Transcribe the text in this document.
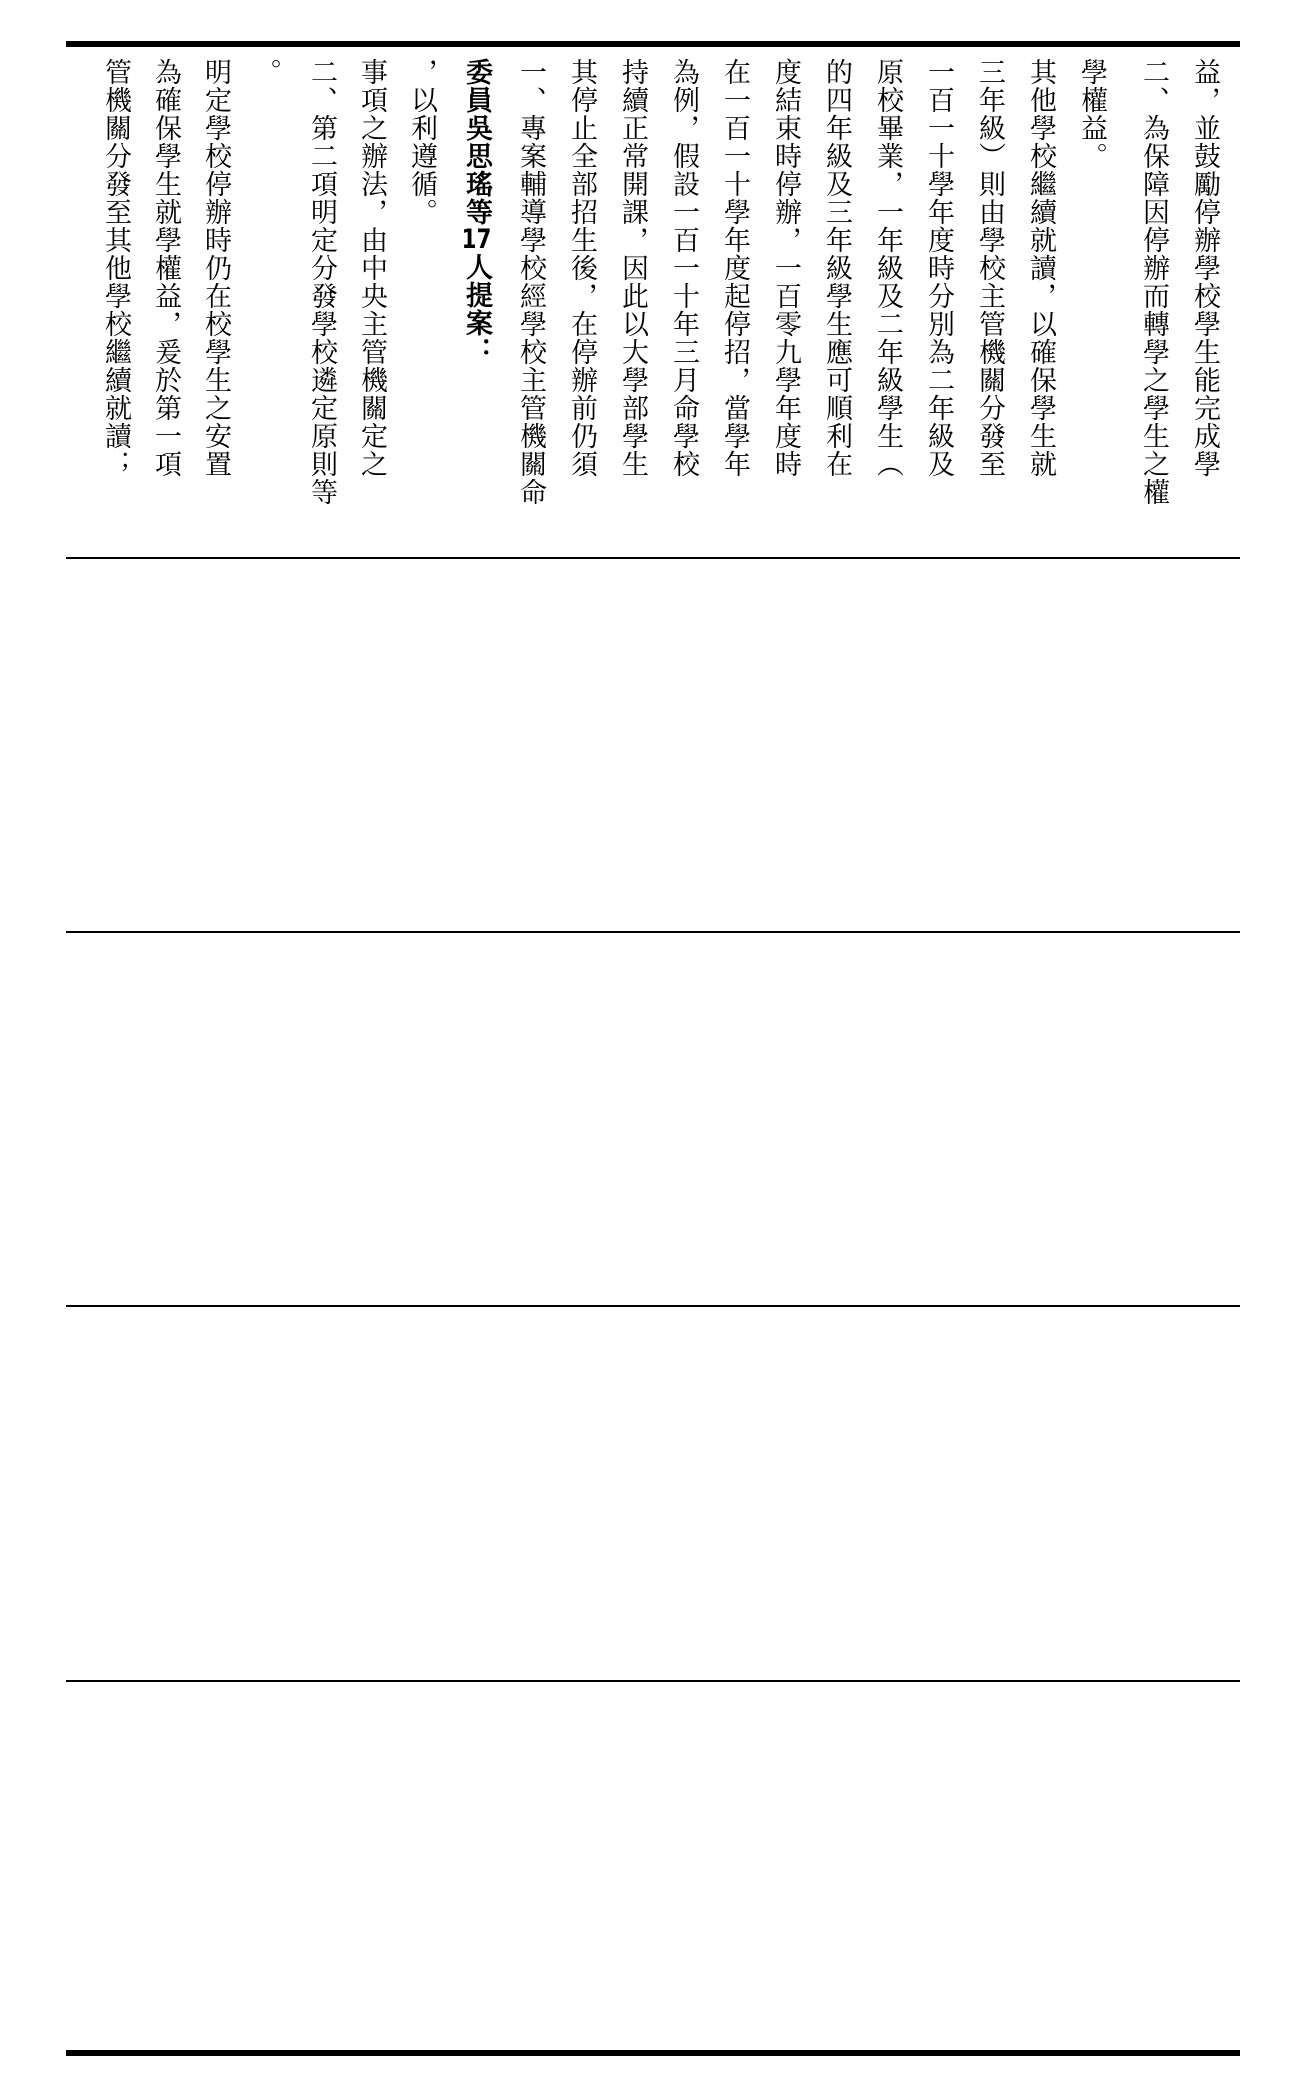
管機關分發至其他學校繼續就讀； 為確保學生就學權益，爰於第一項 明定學校停辦時仍在校學生之安置 。 二、第二項明定分發學校遴定原則等 事項之辦法，由中央主管機關定之 ，以利遵循。 委員吳思瑤等17人提案： 一、專案輔導學校經學校主管機關命 其停止全部招生後，在停辦前仍須 持續正常開課，因此以大學部學生 為例，假設一百一十年三月命學校 在一百一十學年度起停招，當學年 度結束時停辦，一百零九學年度時 的四年級及三年級學生應可順利在 原校畢業，一年級及二年級學生（ 一百一十學年度時分別為二年級及 三年級）則由學校主管機關分發至 其他學校繼續就讀，以確保學生就 學權益。 二、為保障因停辦而轉學之學生之權 益，並鼓勵停辦學校學生能完成學
